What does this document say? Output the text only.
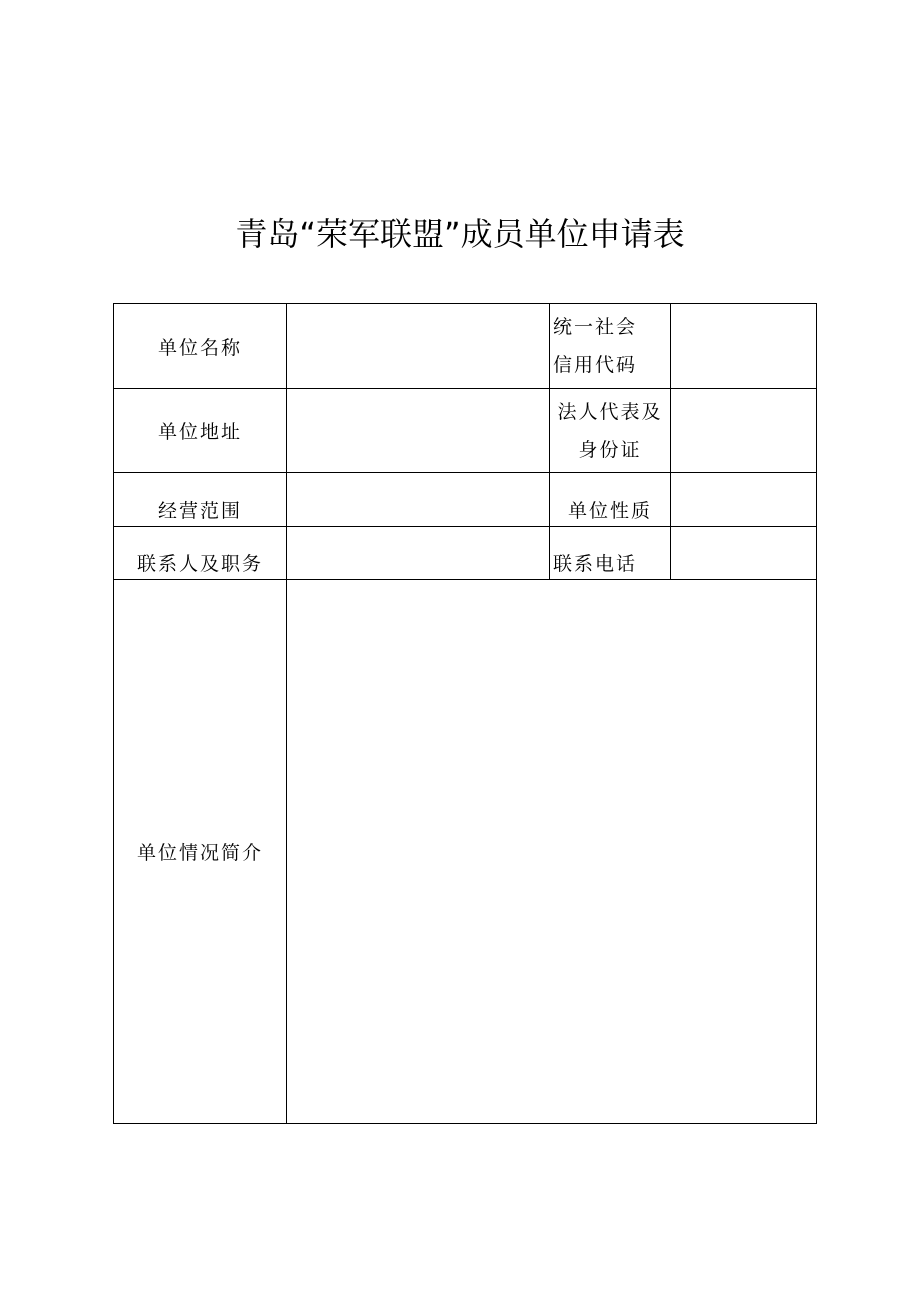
青岛“荣军联盟”成员单位申请表
单位名称		统一社会
信用代码	

单位地址		法人代表及
身份证	

经营范围		单位性质	
联系人及职务		联系电话	
单位情况简介			
